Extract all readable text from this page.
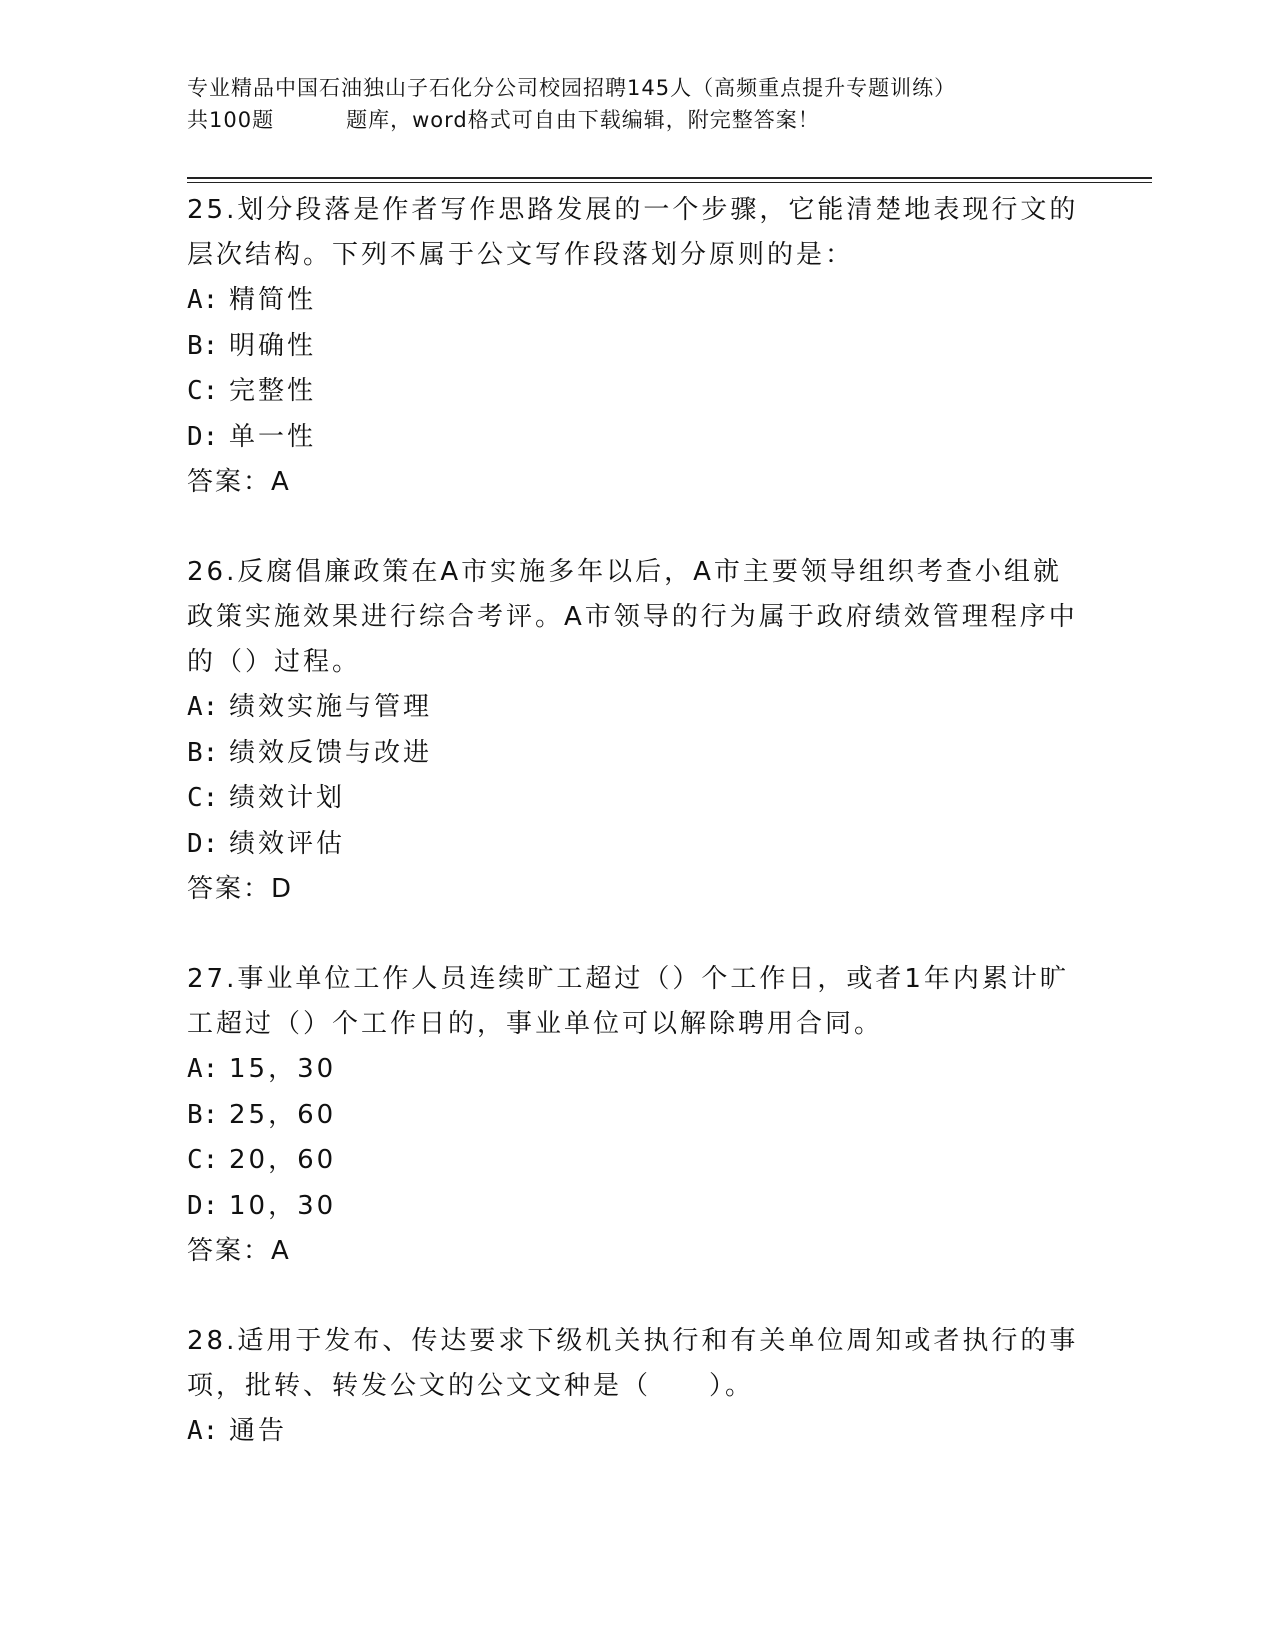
专业精品中国石油独山子石化分公司校园招聘145人（高频重点提升专题训练）
共100题	题库，word格式可自由下载编辑，附完整答案！

25.划分段落是作者写作思路发展的一个步骤，它能清楚地表现行文的层次结构。下列不属于公文写作段落划分原则的是：

A: 精简性

B: 明确性

C: 完整性

D: 单一性

答案：A

26.反腐倡廉政策在A市实施多年以后，A市主要领导组织考查小组就政策实施效果进行综合考评。A市领导的行为属于政府绩效管理程序中的（）过程。

A: 绩效实施与管理

B: 绩效反馈与改进

C: 绩效计划

D: 绩效评估

答案：D

27.事业单位工作人员连续旷工超过（）个工作日，或者1年内累计旷工超过（）个工作日的，事业单位可以解除聘用合同。

A: 15，30

B: 25，60

C: 20，60

D: 10，30

答案：A

28.适用于发布、传达要求下级机关执行和有关单位周知或者执行的事项，批转、转发公文的公文文种是（　　）。

A: 通告
